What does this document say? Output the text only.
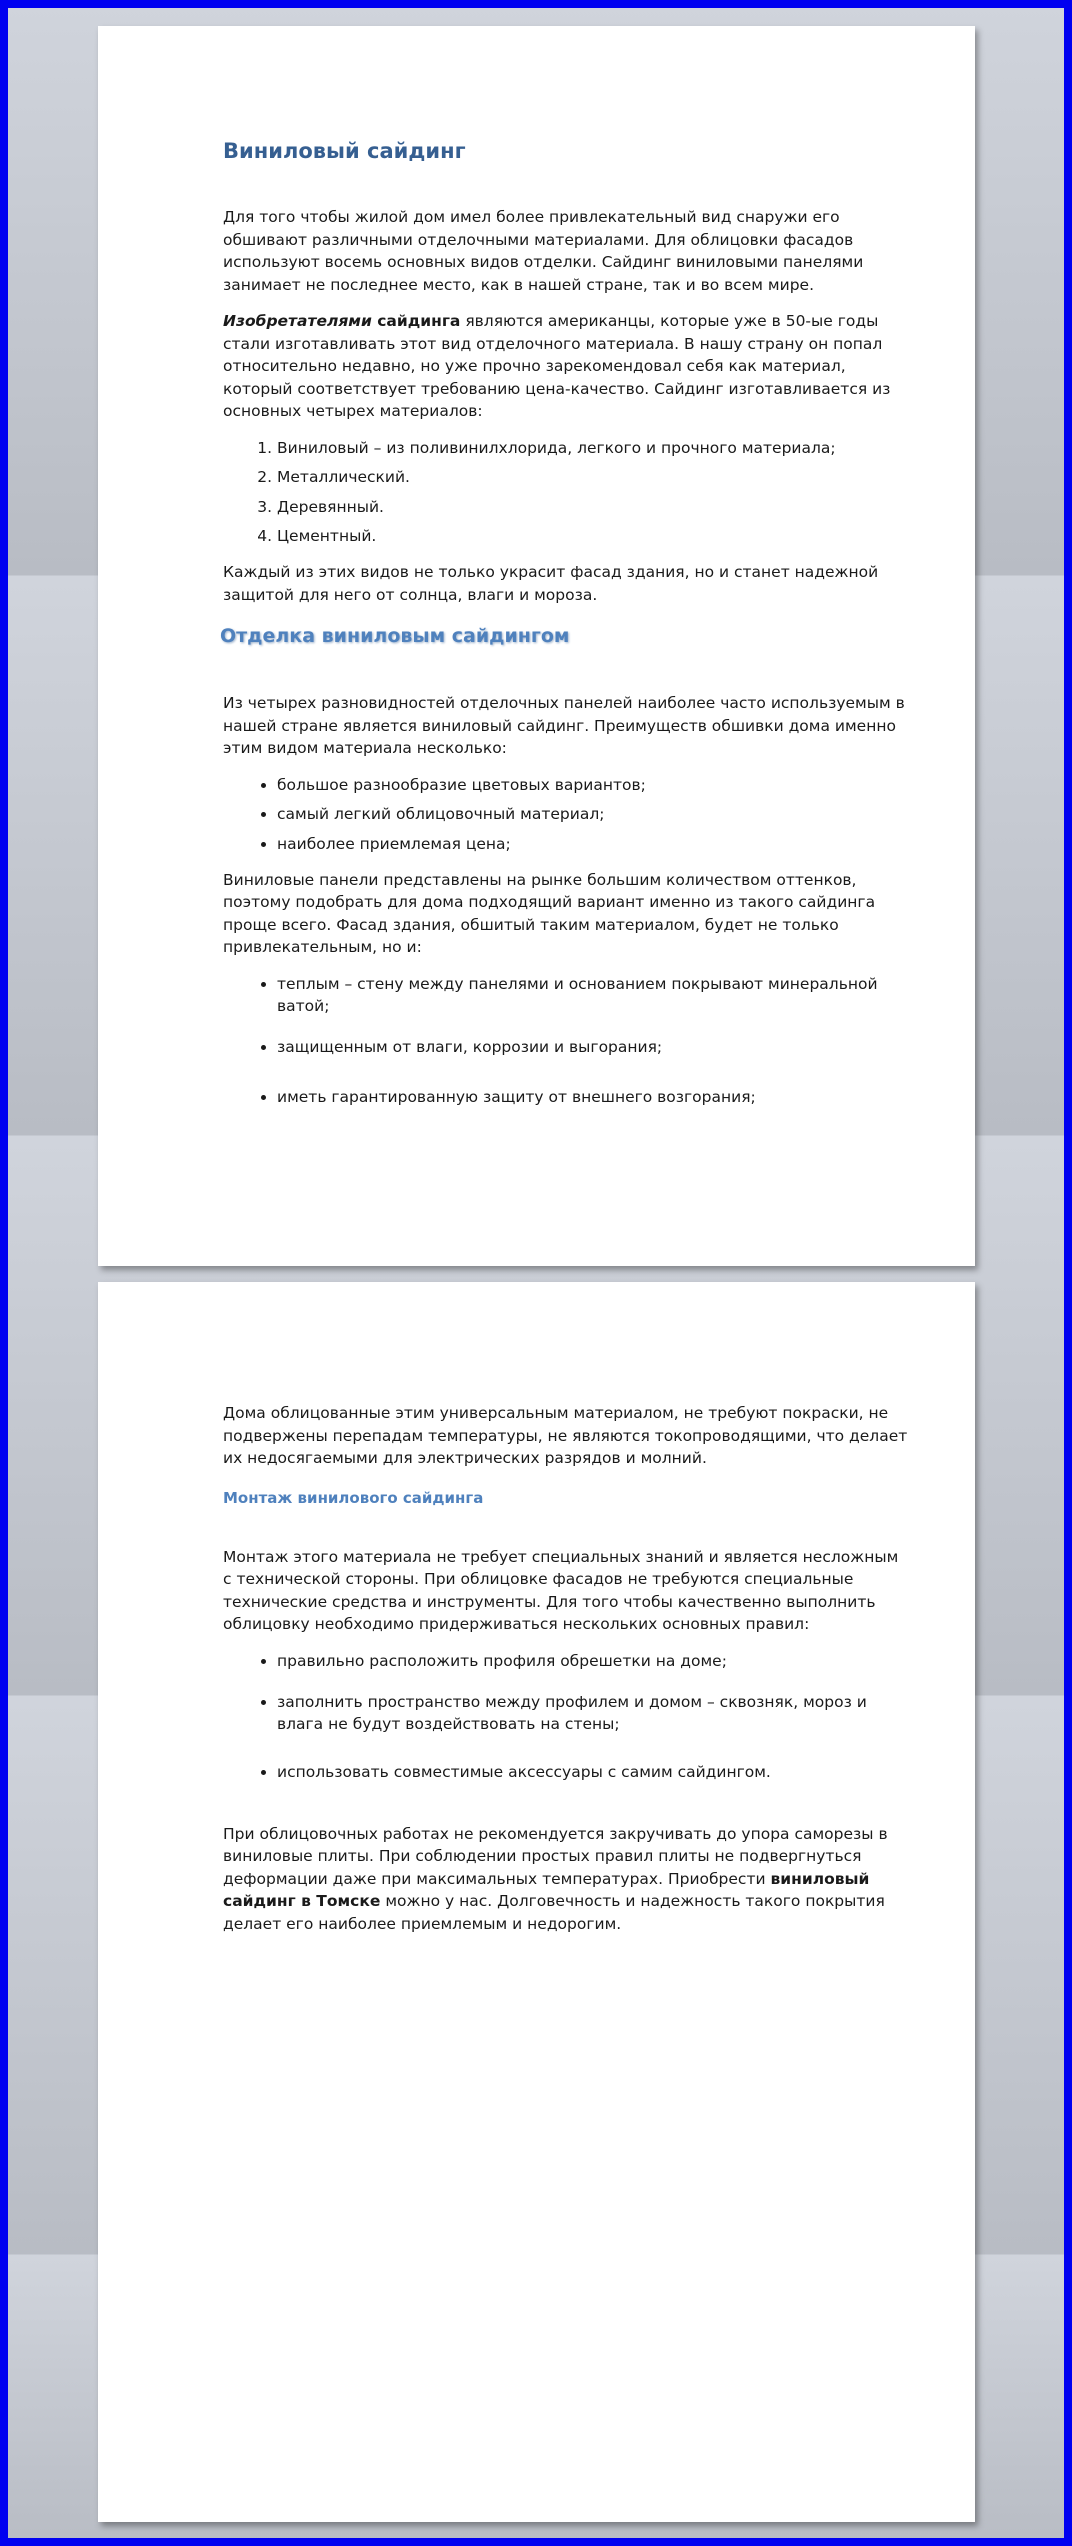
Виниловый сайдинг

Для того чтобы жилой дом имел более привлекательный вид снаружи его обшивают различными отделочными материалами. Для облицовки фасадов используют восемь основных видов отделки. Сайдинг виниловыми панелями занимает не последнее место, как в нашей стране, так и во всем мире.

Изобретателями сайдинга являются американцы, которые уже в 50-ые годы стали изготавливать этот вид отделочного материала. В нашу страну он попал относительно недавно, но уже прочно зарекомендовал себя как материал, который соответствует требованию цена-качество. Сайдинг изготавливается из основных четырех материалов:

1. Виниловый – из поливинилхлорида, легкого и прочного материала;
2. Металлический.
3. Деревянный.
4. Цементный.

Каждый из этих видов не только украсит фасад здания, но и станет надежной защитой для него от солнца, влаги и мороза.

Отделка виниловым сайдингом

Из четырех разновидностей отделочных панелей наиболее часто используемым в нашей стране является виниловый сайдинг. Преимуществ обшивки дома именно этим видом материала несколько:

• большое разнообразие цветовых вариантов;
• самый легкий облицовочный материал;
• наиболее приемлемая цена;

Виниловые панели представлены на рынке большим количеством оттенков, поэтому подобрать для дома подходящий вариант именно из такого сайдинга проще всего. Фасад здания, обшитый таким материалом, будет не только привлекательным, но и:

• теплым – стену между панелями и основанием покрывают минеральной ватой;
• защищенным от влаги, коррозии и выгорания;
• иметь гарантированную защиту от внешнего возгорания;

Дома облицованные этим универсальным материалом, не требуют покраски, не подвержены перепадам температуры, не являются токопроводящими, что делает их недосягаемыми для электрических разрядов и молний.

Монтаж винилового сайдинга

Монтаж этого материала не требует специальных знаний и является несложным с технической стороны. При облицовке фасадов не требуются специальные технические средства и инструменты. Для того чтобы качественно выполнить облицовку необходимо придерживаться нескольких основных правил:

• правильно расположить профиля обрешетки на доме;
• заполнить пространство между профилем и домом – сквозняк, мороз и влага не будут воздействовать на стены;
• использовать совместимые аксессуары с самим сайдингом.

При облицовочных работах не рекомендуется закручивать до упора саморезы в виниловые плиты. При соблюдении простых правил плиты не подвергнуться деформации даже при максимальных температурах. Приобрести виниловый сайдинг в Томске можно у нас. Долговечность и надежность такого покрытия делает его наиболее приемлемым и недорогим.
